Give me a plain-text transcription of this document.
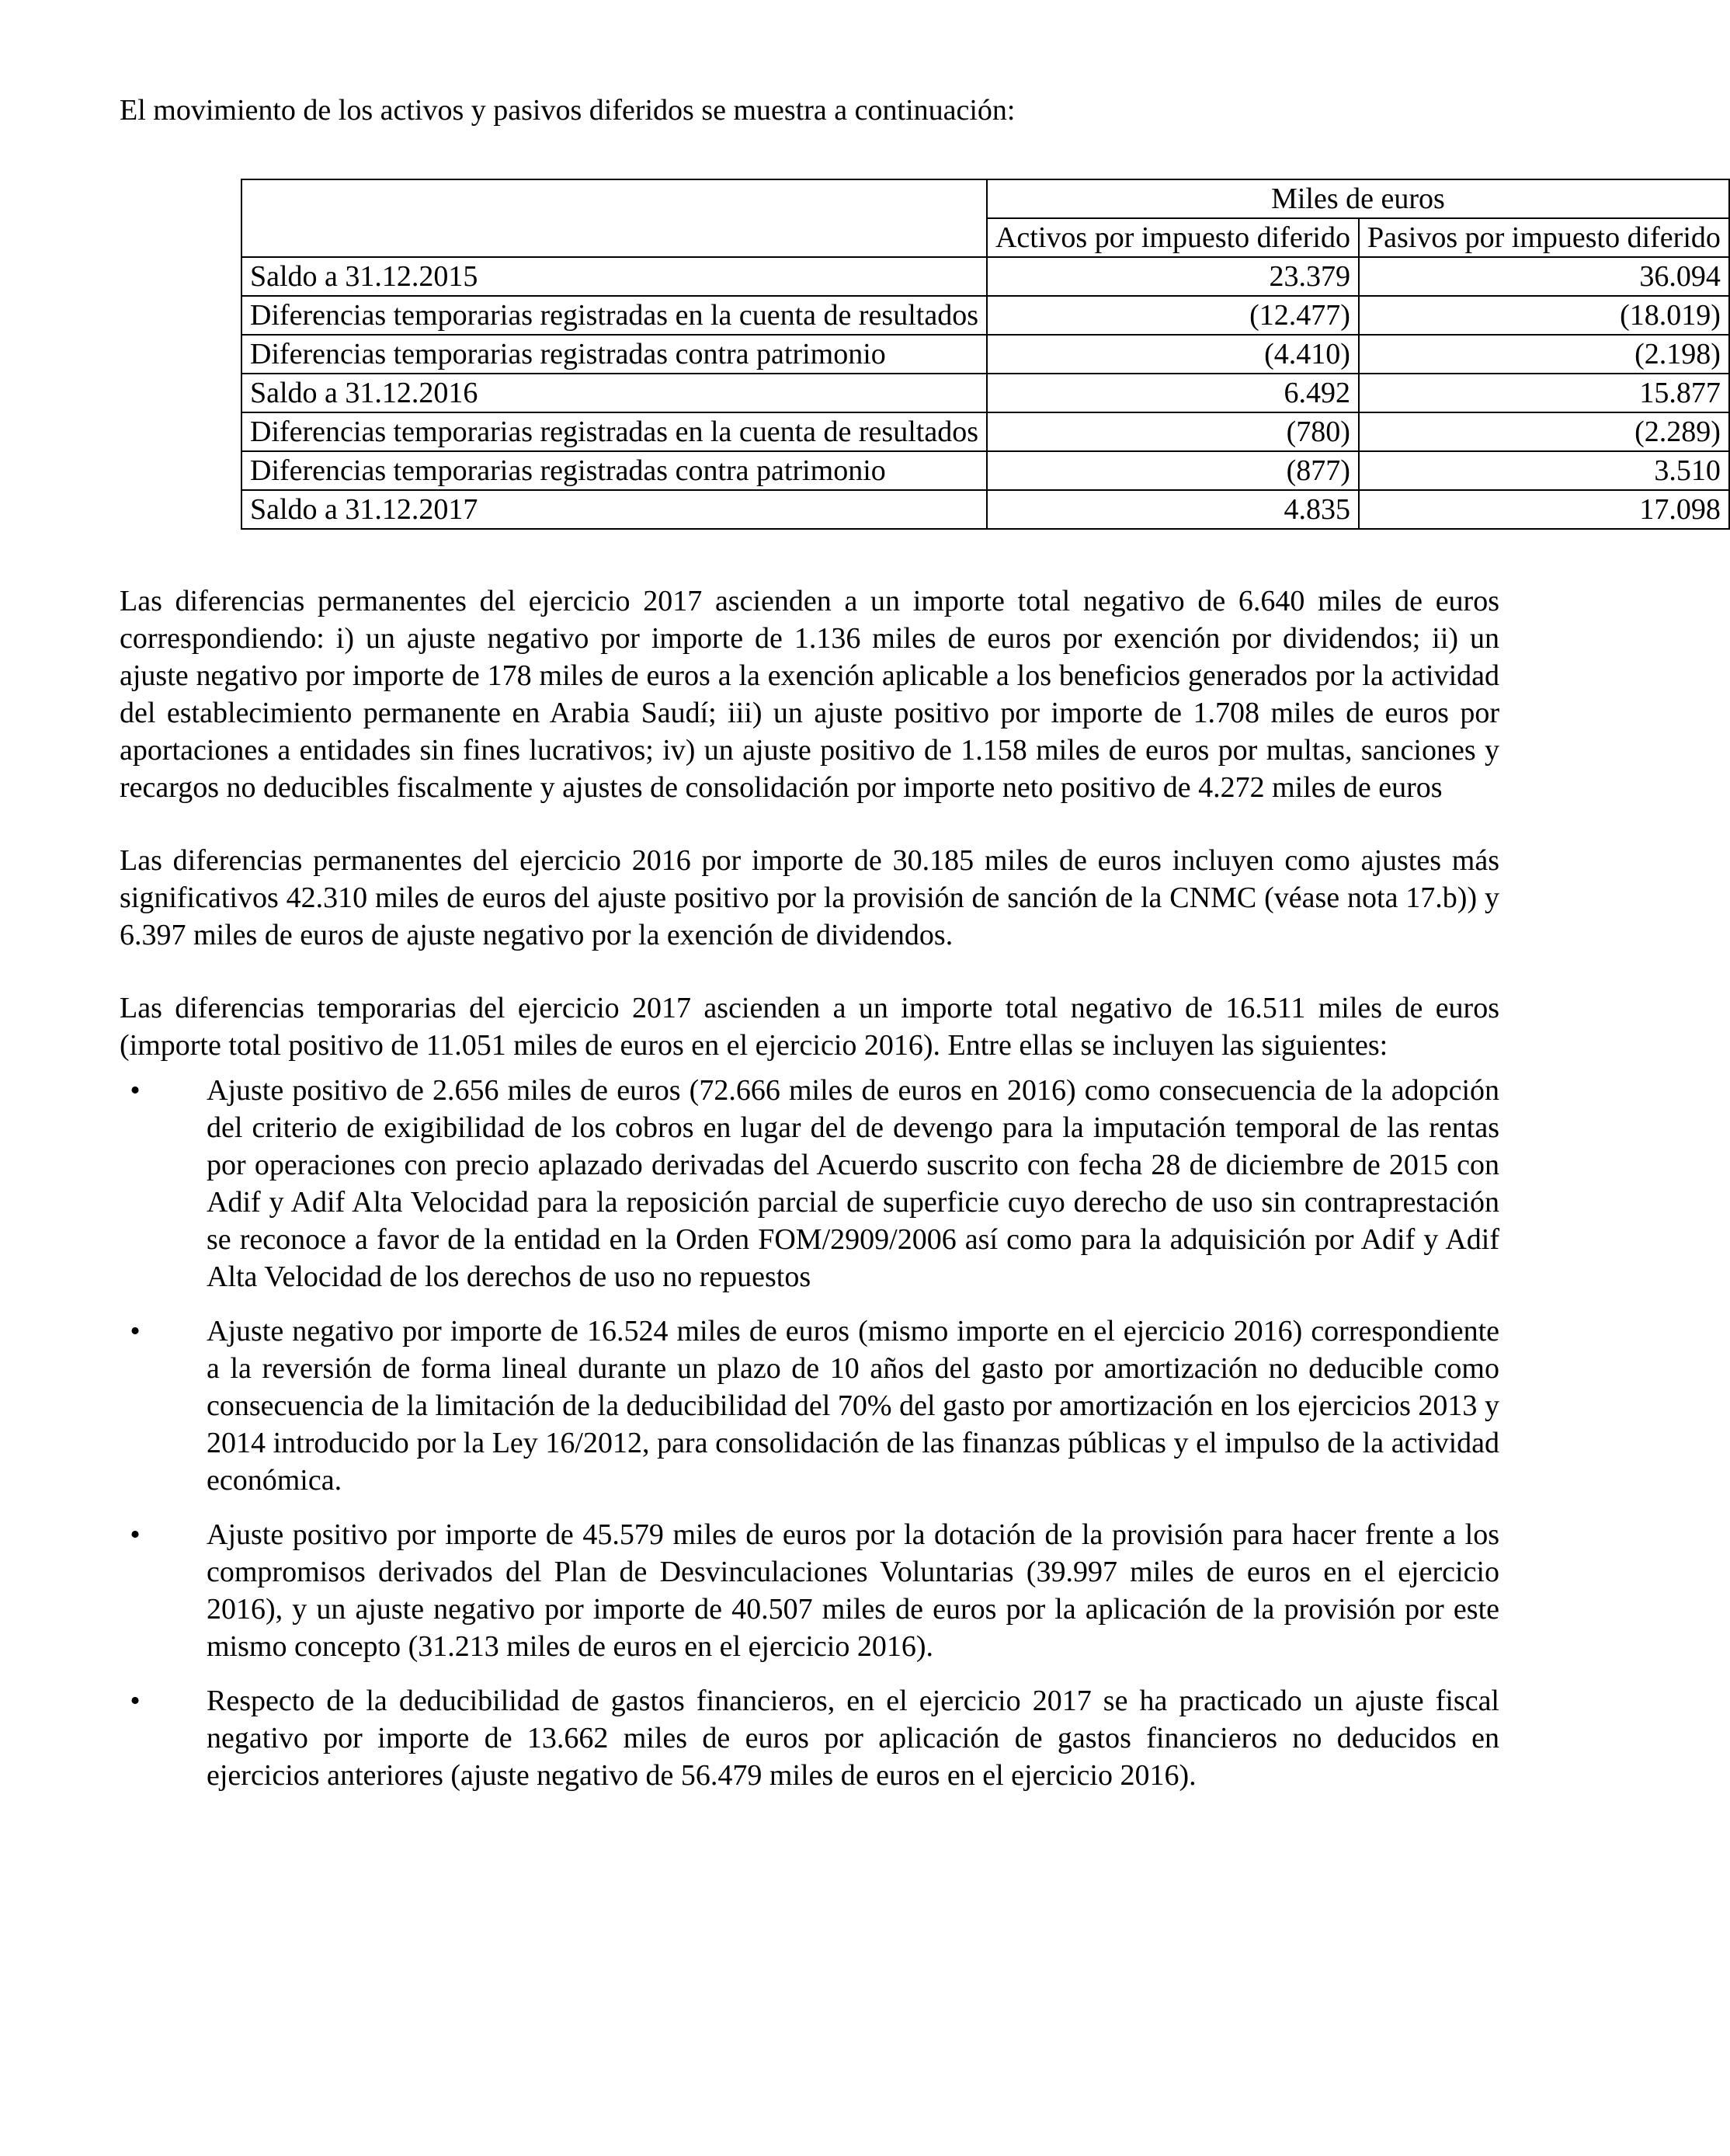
El movimiento de los activos y pasivos diferidos se muestra a continuación:

	Miles de euros	
	Activos por impuesto diferido	Pasivos por impuesto diferido
Saldo a 31.12.2015	23.379	36.094
Diferencias temporarias registradas en la cuenta de resultados	(12.477)	(18.019)
Diferencias temporarias registradas contra patrimonio	(4.410)	(2.198)
Saldo a 31.12.2016	6.492	15.877
Diferencias temporarias registradas en la cuenta de resultados	(780)	(2.289)
Diferencias temporarias registradas contra patrimonio	(877)	3.510
Saldo a 31.12.2017	4.835	17.098

Las diferencias permanentes del ejercicio 2017 ascienden a un importe total negativo de 6.640 miles de euros correspondiendo: i) un ajuste negativo por importe de 1.136 miles de euros por exención por dividendos; ii) un ajuste negativo por importe de 178 miles de euros a la exención aplicable a los beneficios generados por la actividad del establecimiento permanente en Arabia Saudí; iii) un ajuste positivo por importe de 1.708 miles de euros por aportaciones a entidades sin fines lucrativos; iv) un ajuste positivo de 1.158 miles de euros por multas, sanciones y recargos no deducibles fiscalmente y ajustes de consolidación por importe neto positivo de 4.272 miles de euros

Las diferencias permanentes del ejercicio 2016 por importe de 30.185 miles de euros incluyen como ajustes más significativos 42.310 miles de euros del ajuste positivo por la provisión de sanción de la CNMC (véase nota 17.b)) y 6.397 miles de euros de ajuste negativo por la exención de dividendos.

Las diferencias temporarias del ejercicio 2017 ascienden a un importe total negativo de 16.511 miles de euros (importe total positivo de 11.051 miles de euros en el ejercicio 2016). Entre ellas se incluyen las siguientes:

•	Ajuste positivo de 2.656 miles de euros (72.666 miles de euros en 2016) como consecuencia de la adopción del criterio de exigibilidad de los cobros en lugar del de devengo para la imputación temporal de las rentas por operaciones con precio aplazado derivadas del Acuerdo suscrito con fecha 28 de diciembre de 2015 con Adif y Adif Alta Velocidad para la reposición parcial de superficie cuyo derecho de uso sin contraprestación se reconoce a favor de la entidad en la Orden FOM/2909/2006 así como para la adquisición por Adif y Adif Alta Velocidad de los derechos de uso no repuestos
•	Ajuste negativo por importe de 16.524 miles de euros (mismo importe en el ejercicio 2016) correspondiente a la reversión de forma lineal durante un plazo de 10 años del gasto por amortización no deducible como consecuencia de la limitación de la deducibilidad del 70% del gasto por amortización en los ejercicios 2013 y 2014 introducido por la Ley 16/2012, para consolidación de las finanzas públicas y el impulso de la actividad económica.
•	Ajuste positivo por importe de 45.579 miles de euros por la dotación de la provisión para hacer frente a los compromisos derivados del Plan de Desvinculaciones Voluntarias (39.997 miles de euros en el ejercicio 2016), y un ajuste negativo por importe de 40.507 miles de euros por la aplicación de la provisión por este mismo concepto (31.213 miles de euros en el ejercicio 2016).
•	Respecto de la deducibilidad de gastos financieros, en el ejercicio 2017 se ha practicado un ajuste fiscal negativo por importe de 13.662 miles de euros por aplicación de gastos financieros no deducidos en ejercicios anteriores (ajuste negativo de 56.479 miles de euros en el ejercicio 2016).
